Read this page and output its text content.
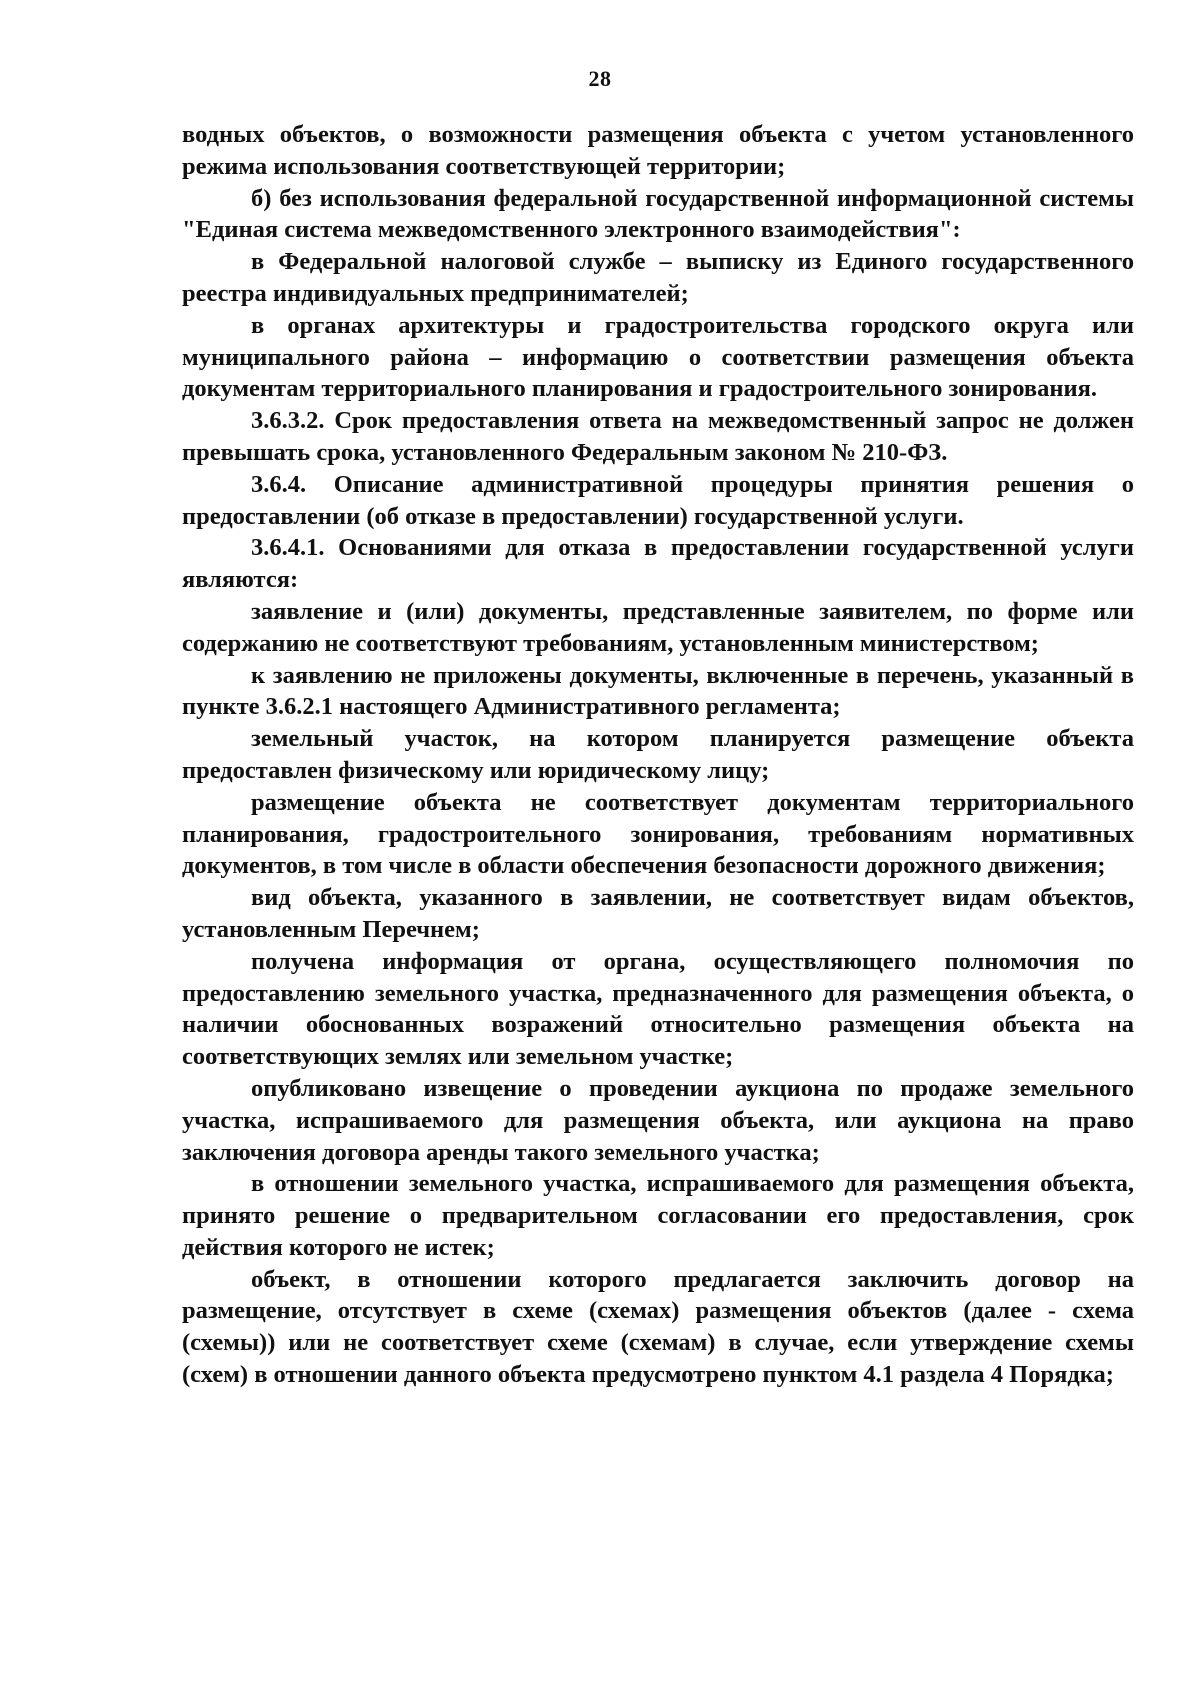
28

водных объектов, о возможности размещения объекта с учетом установленного режима использования соответствующей территории;

б) без использования федеральной государственной информационной системы "Единая система межведомственного электронного взаимодействия":

в Федеральной налоговой службе – выписку из Единого государственного реестра индивидуальных предпринимателей;

в органах архитектуры и градостроительства городского округа или муниципального района – информацию о соответствии размещения объекта документам территориального планирования и градостроительного зонирования.

3.6.3.2. Срок предоставления ответа на межведомственный запрос не должен превышать срока, установленного Федеральным законом № 210-ФЗ.

3.6.4. Описание административной процедуры принятия решения о предоставлении (об отказе в предоставлении) государственной услуги.

3.6.4.1. Основаниями для отказа в предоставлении государственной услуги являются:

заявление и (или) документы, представленные заявителем, по форме или содержанию не соответствуют требованиям, установленным министерством;

к заявлению не приложены документы, включенные в перечень, указанный в пункте 3.6.2.1 настоящего Административного регламента;

земельный участок, на котором планируется размещение объекта предоставлен физическому или юридическому лицу;

размещение объекта не соответствует документам территориального планирования, градостроительного зонирования, требованиям нормативных документов, в том числе в области обеспечения безопасности дорожного движения;

вид объекта, указанного в заявлении, не соответствует видам объектов, установленным Перечнем;

получена информация от органа, осуществляющего полномочия по предоставлению земельного участка, предназначенного для размещения объекта, о наличии обоснованных возражений относительно размещения объекта на соответствующих землях или земельном участке;

опубликовано извещение о проведении аукциона по продаже земельного участка, испрашиваемого для размещения объекта, или аукциона на право заключения договора аренды такого земельного участка;

в отношении земельного участка, испрашиваемого для размещения объекта, принято решение о предварительном согласовании его предоставления, срок действия которого не истек;

объект, в отношении которого предлагается заключить договор на размещение, отсутствует в схеме (схемах) размещения объектов (далее - схема (схемы)) или не соответствует схеме (схемам) в случае, если утверждение схемы (схем) в отношении данного объекта предусмотрено пунктом 4.1 раздела 4 Порядка;
